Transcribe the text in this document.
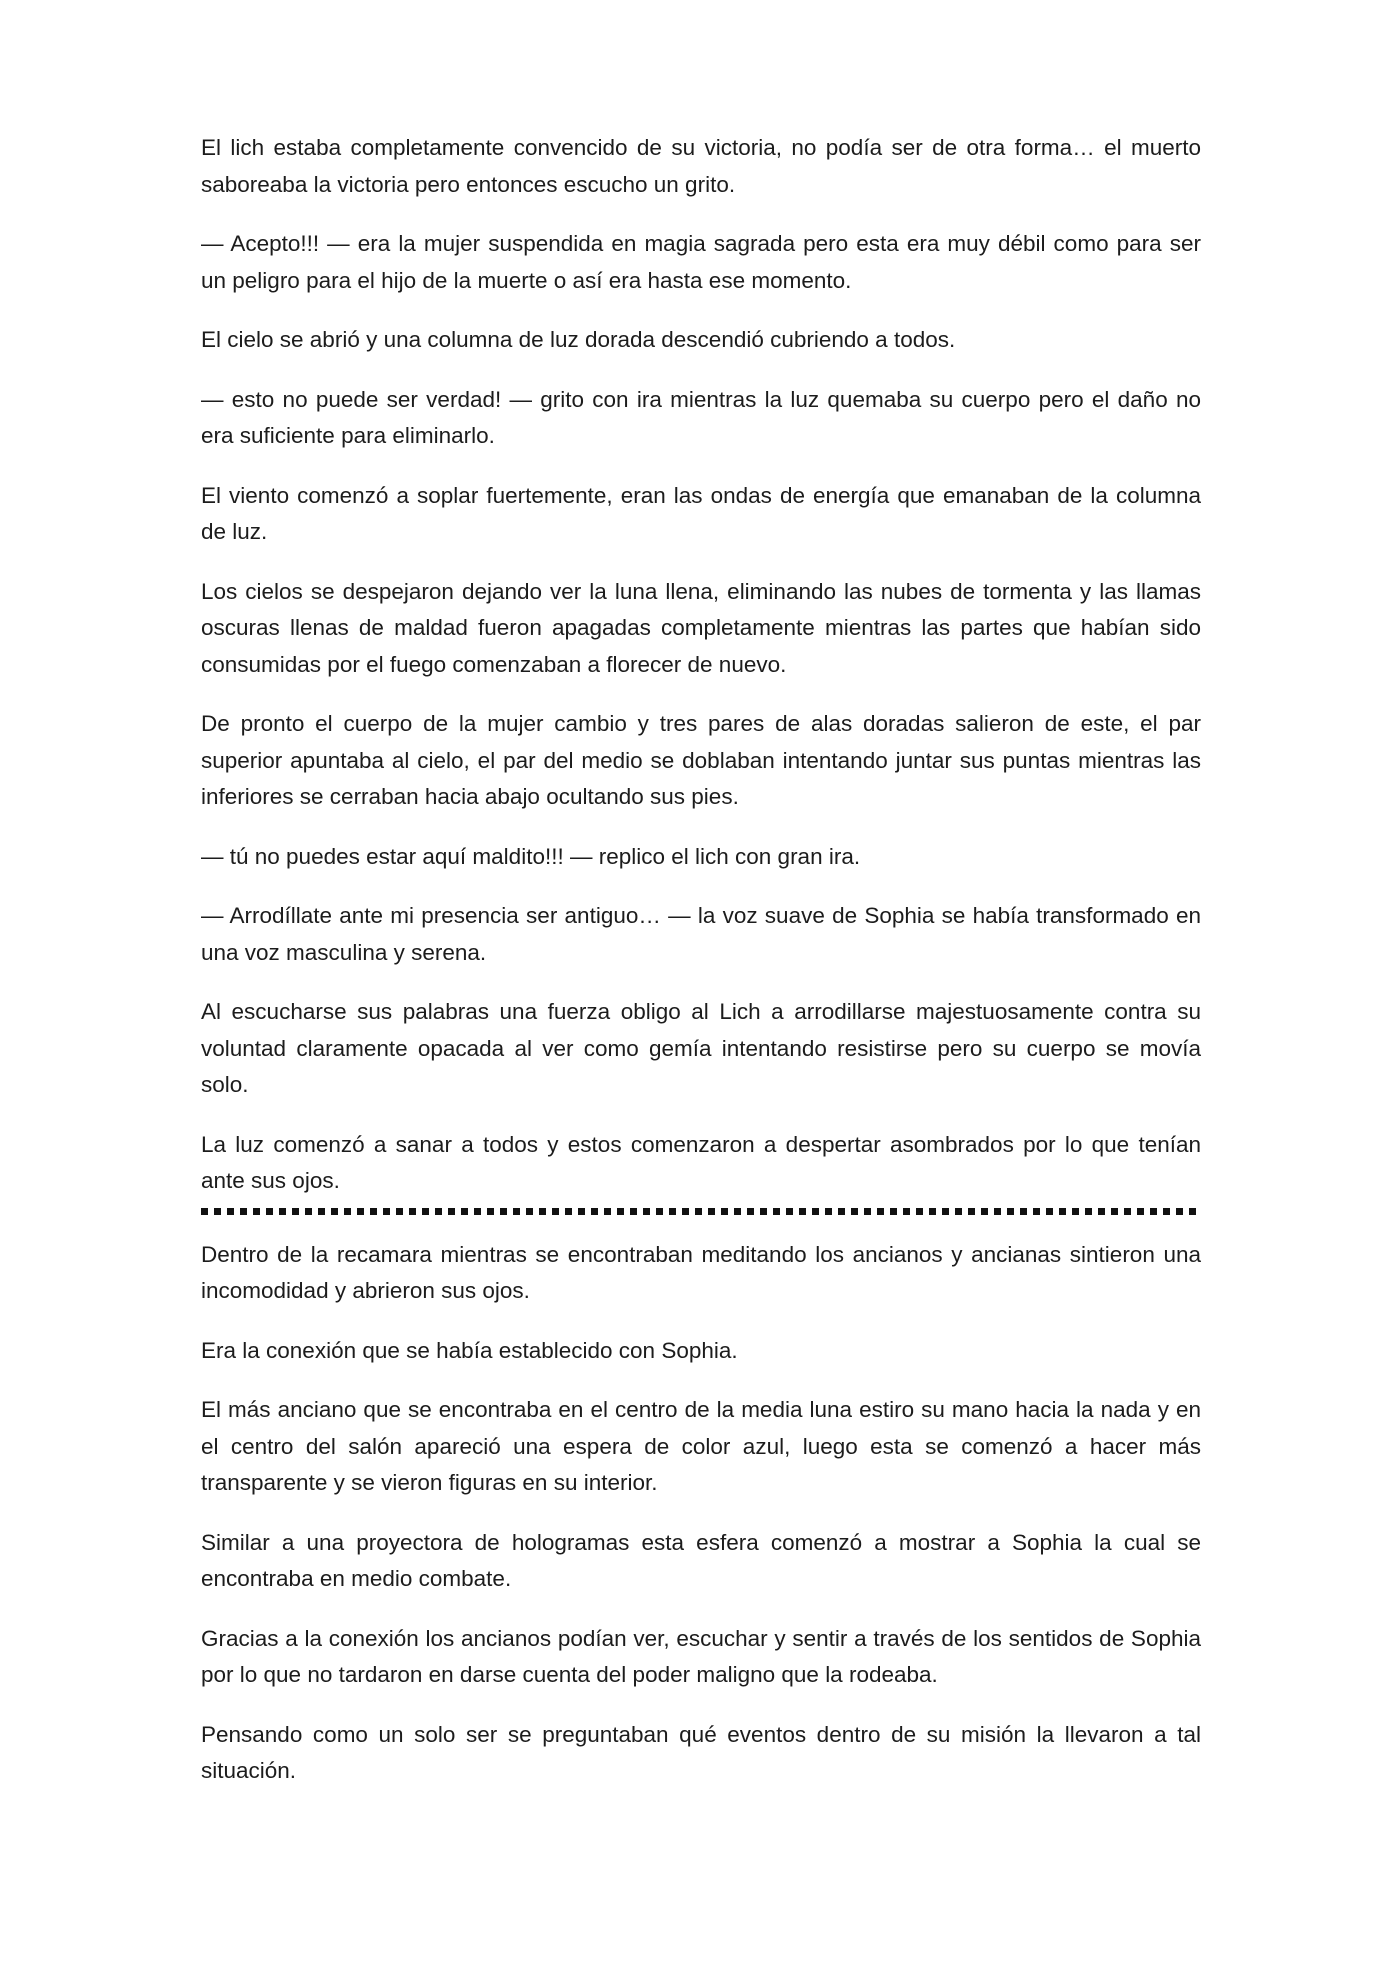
El lich estaba completamente convencido de su victoria, no podía ser de otra forma… el muerto saboreaba la victoria pero entonces escucho un grito.

— Acepto!!! — era la mujer suspendida en magia sagrada pero esta era muy débil como para ser un peligro para el hijo de la muerte o así era hasta ese momento.

El cielo se abrió y una columna de luz dorada descendió cubriendo a todos.

— esto no puede ser verdad! — grito con ira mientras la luz quemaba su cuerpo pero el daño no era suficiente para eliminarlo.

El viento comenzó a soplar fuertemente, eran las ondas de energía que emanaban de la columna de luz.

Los cielos se despejaron dejando ver la luna llena, eliminando las nubes de tormenta y las llamas oscuras llenas de maldad fueron apagadas completamente mientras las partes que habían sido consumidas por el fuego comenzaban a florecer de nuevo.

De pronto el cuerpo de la mujer cambio y tres pares de alas doradas salieron de este, el par superior apuntaba al cielo, el par del medio se doblaban intentando juntar sus puntas mientras las inferiores se cerraban hacia abajo ocultando sus pies.

— tú no puedes estar aquí maldito!!! — replico el lich con gran ira.

— Arrodíllate ante mi presencia ser antiguo… — la voz suave de Sophia se había transformado en una voz masculina y serena.

Al escucharse sus palabras una fuerza obligo al Lich a arrodillarse majestuosamente contra su voluntad claramente opacada al ver como gemía intentando resistirse pero su cuerpo se movía solo.

La luz comenzó a sanar a todos y estos comenzaron a despertar asombrados por lo que tenían ante sus ojos.

Dentro de la recamara mientras se encontraban meditando los ancianos y ancianas sintieron una incomodidad y abrieron sus ojos.

Era la conexión que se había establecido con Sophia.

El más anciano que se encontraba en el centro de la media luna estiro su mano hacia la nada y en el centro del salón apareció una espera de color azul, luego esta se comenzó a hacer más transparente y se vieron figuras en su interior.

Similar a una proyectora de hologramas esta esfera comenzó a mostrar a Sophia la cual se encontraba en medio combate.

Gracias a la conexión los ancianos podían ver, escuchar y sentir a través de los sentidos de Sophia por lo que no tardaron en darse cuenta del poder maligno que la rodeaba.

Pensando como un solo ser se preguntaban qué eventos dentro de su misión la llevaron a tal situación.
